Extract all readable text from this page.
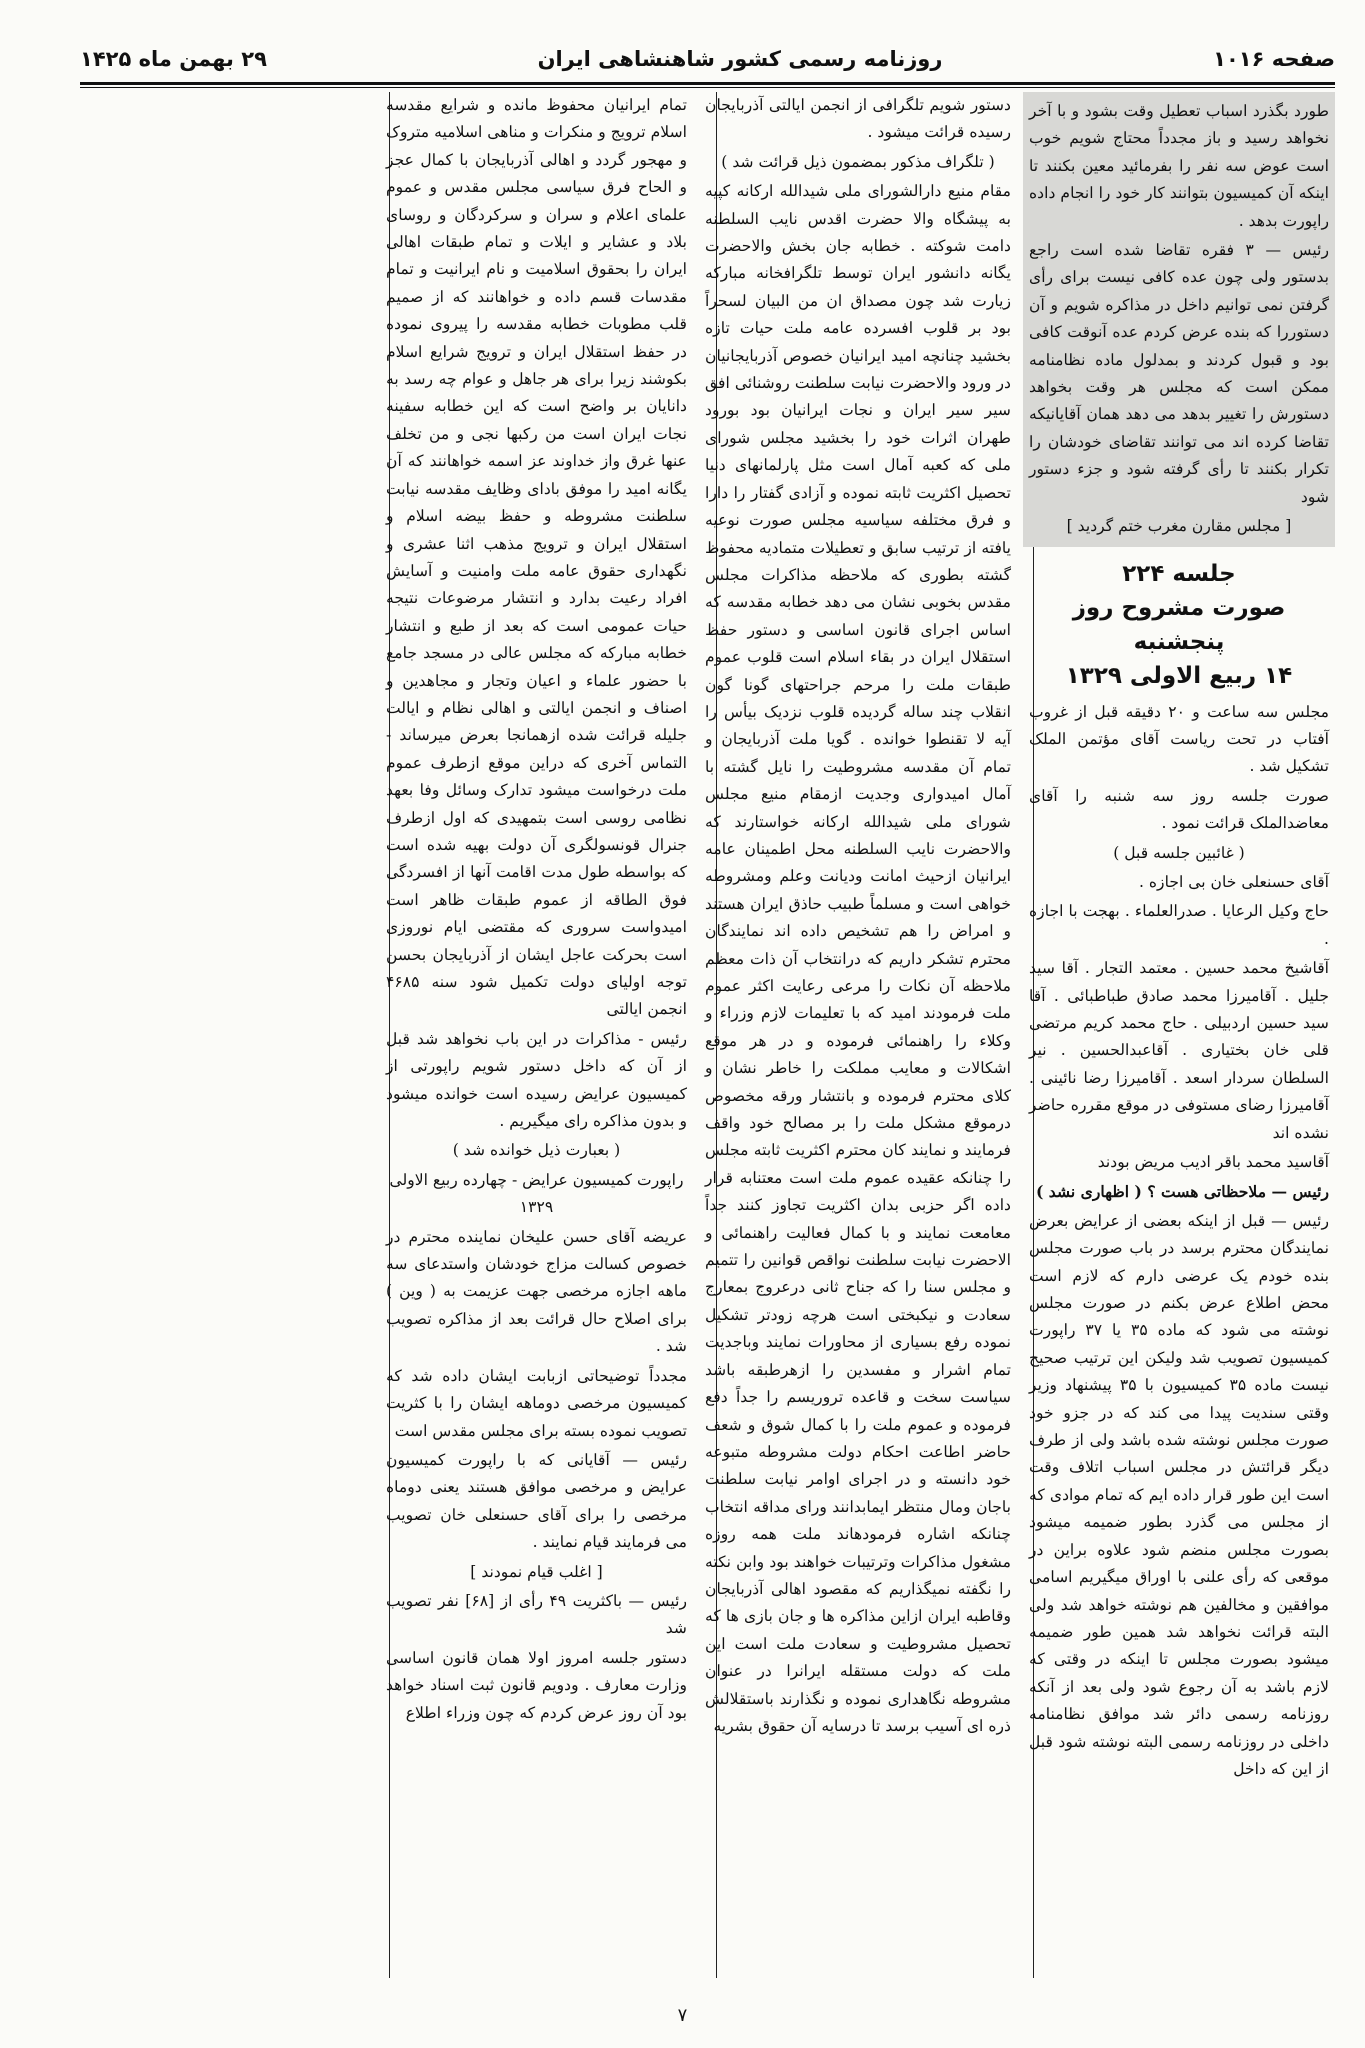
صفحه ۱۰۱۶
روزنامه رسمی کشور شاهنشاهی ایران
۲۹ بهمن ماه ۱۴۲۵

طورد بگذرد اسباب تعطیل وقت بشود و با آخر نخواهد رسید و باز مجدداً محتاج شویم خوب است عوض سه نفر را بفرمائید معین بکنند تا اینکه آن کمیسیون بتوانند کار خود را انجام داده راپورت بدهد .

رئیس — ۳ فقره تقاضا شده است راجع بدستور ولی چون عده کافی نیست برای رأی گرفتن نمی توانیم داخل در مذاکره شویم و آن دستوررا که بنده عرض کردم عده آنوقت کافی بود و قبول کردند و بمدلول ماده نظامنامه ممکن است که مجلس هر وقت بخواهد دستورش را تغییر بدهد می دهد همان آقایانیکه تقاضا کرده اند می توانند تقاضای خودشان را تکرار بکنند تا رأی گرفته شود و جزء دستور شود

[ مجلس مقارن مغرب ختم گردید ]

جلسه ۲۲۴
صورت مشروح روز پنجشنبه
۱۴ ربیع الاولی ۱۳۲۹

مجلس سه ساعت و ۲۰ دقیقه قبل از غروب آفتاب در تحت ریاست آقای مؤتمن الملک تشکیل شد .

صورت جلسه روز سه شنبه را آقای معاضدالملک قرائت نمود .

( غائبین جلسه قبل )

آقای حسنعلی خان بی اجازه .

حاج وکیل الرعایا . صدرالعلماء . بهجت با اجازه .

آقاشیخ محمد حسین . معتمد التجار . آقا سید جلیل . آقامیرزا محمد صادق طباطبائی . آقا سید حسین اردبیلی . حاج محمد کریم مرتضی قلی خان بختیاری . آقاعبدالحسین . نیر السلطان سردار اسعد . آقامیرزا رضا نائینی . آقامیرزا رضای مستوفی در موقع مقرره حاضر نشده اند

آقاسید محمد باقر ادیب مریض بودند

رئیس — ملاحظاتی هست ؟ ( اظهاری نشد )

رئیس — قبل از اینکه بعضی از عرایض بعرض نمایندگان محترم برسد در باب صورت مجلس بنده خودم یک عرضی دارم که لازم است محض اطلاع عرض بکنم در صورت مجلس نوشته می شود که ماده ۳۵ یا ۳۷ راپورت کمیسیون تصویب شد ولیکن این ترتیب صحیح نیست ماده ۳۵ کمیسیون با ۳۵ پیشنهاد وزیر وقتی سندیت پیدا می کند که در جزو خود صورت مجلس نوشته شده باشد ولی از طرف دیگر قرائتش در مجلس اسباب اتلاف وقت است این طور قرار داده ایم که تمام موادی که از مجلس می گذرد بطور ضمیمه میشود بصورت مجلس منضم شود علاوه براین در موقعی که رأی علنی با اوراق میگیریم اسامی موافقین و مخالفین هم نوشته خواهد شد ولی البته قرائت نخواهد شد همین طور ضمیمه میشود بصورت مجلس تا اینکه در وقتی که لازم باشد به آن رجوع شود ولی بعد از آنکه روزنامه رسمی دائر شد موافق نظامنامه داخلی در روزنامه رسمی البته نوشته شود قبل از این که داخل

دستور شویم تلگرافی از انجمن ایالتی آذربایجان رسیده قرائت میشود .

( تلگراف مذکور بمضمون ذیل قرائت شد )

مقام منیع دارالشورای ملی شیدالله ارکانه کپیه به پیشگاه والا حضرت اقدس نایب السلطنه دامت شوکته . خطابه جان بخش والاحضرت یگانه دانشور ایران توسط تلگرافخانه مبارکه زیارت شد چون مصداق ان من البیان لسحراً بود بر قلوب افسرده عامه ملت حیات تازه بخشید چنانچه امید ایرانیان خصوص آذربایجانیان در ورود والاحضرت نیابت سلطنت روشنائی افق سیر سیر ایران و نجات ایرانیان بود بورود طهران اثرات خود را بخشید مجلس شورای ملی که کعبه آمال است مثل پارلمانهای دنیا تحصیل اکثریت ثابته نموده و آزادی گفتار را دارا و فرق مختلفه سیاسیه مجلس صورت نوعیه یافته از ترتیب سابق و تعطیلات متمادیه محفوظ گشته بطوری که ملاحظه مذاکرات مجلس مقدس بخوبی نشان می دهد خطابه مقدسه که اساس اجرای قانون اساسی و دستور حفظ استقلال ایران در بقاء اسلام است قلوب عموم طبقات ملت را مرحم جراحتهای گونا گون انقلاب چند ساله گردیده قلوب نزدیک بیأس را آیه لا تقنطوا خوانده . گویا ملت آذربایجان و تمام آن مقدسه مشروطیت را نایل گشته با آمال امیدواری وجدیت ازمقام منیع مجلس شورای ملی شیدالله ارکانه خواستارند که والاحضرت نایب السلطنه محل اطمینان عامه ایرانیان ازحیث امانت ودیانت وعلم ومشروطه خواهی است و مسلماً طبیب حاذق ایران هستند و امراض را هم تشخیص داده اند نمایندگان محترم تشکر داریم که درانتخاب آن ذات معظم ملاحظه آن نکات را مرعی رعایت اکثر عموم ملت فرمودند امید که با تعلیمات لازم وزراء و وکلاء را راهنمائی فرموده و در هر موقع اشکالات و معایب مملکت را خاطر نشان و کلای محترم فرموده و بانتشار ورقه مخصوص درموقع مشکل ملت را بر مصالح خود واقف فرمایند و نمایند کان محترم اکثریت ثابته مجلس را چنانکه عقیده عموم ملت است معتنابه قرار داده اگر حزبی بدان اکثریت تجاوز کنند جداً معامعت نمایند و با کمال فعالیت راهنمائی و الاحضرت نیابت سلطنت نواقص قوانین را تتمیم و مجلس سنا را که جناح ثانی درعروج بمعارج سعادت و نیکبختی است هرچه زودتر تشکیل نموده رفع بسیاری از محاورات نمایند وباجدیت تمام اشرار و مفسدین را ازهرطبقه باشد سیاست سخت و قاعده تروریسم را جداً دفع فرموده و عموم ملت را با کمال شوق و شعف حاضر اطاعت احکام دولت مشروطه متبوعه خود دانسته و در اجرای اوامر نیابت سلطنت باجان ومال منتظر ایمابدانند ورای مداقه انتخاب چنانکه اشاره فرمودهاند ملت همه روزه مشغول مذاکرات وترتیبات خواهند بود وابن نکته را نگفته نمیگذاریم که مقصود اهالی آذربایجان وقاطبه ایران ازاین مذاکره ها و جان بازی ها که تحصیل مشروطیت و سعادت ملت است این ملت که دولت مستقله ایرانرا در عنوان مشروطه نگاهداری نموده و نگذارند باستقلالش ذره ای آسیب برسد تا درسایه آن حقوق بشریه

تمام ایرانیان محفوظ مانده و شرایع مقدسه اسلام ترویج و منکرات و مناهی اسلامیه متروک و مهجور گردد و اهالی آذربایجان با کمال عجز و الحاح فرق سیاسی مجلس مقدس و عموم علمای اعلام و سران و سرکردگان و روسای بلاد و عشایر و ایلات و تمام طبقات اهالی ایران را بحقوق اسلامیت و نام ایرانیت و تمام مقدسات قسم داده و خواهانند که از صمیم قلب مطوبات خطابه مقدسه را پیروی نموده در حفظ استقلال ایران و ترویج شرایع اسلام بکوشند زیرا برای هر جاهل و عوام چه رسد به دانایان بر واضح است که این خطابه سفینه نجات ایران است من رکبها نجی و من تخلف عنها غرق واز خداوند عز اسمه خواهانند که آن یگانه امید را موفق بادای وظایف مقدسه نیابت سلطنت مشروطه و حفظ بیضه اسلام و استقلال ایران و ترویج مذهب اثنا عشری و نگهداری حقوق عامه ملت وامنیت و آسایش افراد رعیت بدارد و انتشار مرضوعات نتیجه حیات عمومی است که بعد از طبع و انتشار خطابه مبارکه که مجلس عالی در مسجد جامع با حضور علماء و اعیان وتجار و مجاهدین و اصناف و انجمن ایالتی و اهالی نظام و ایالت جلیله قرائت شده ازهمانجا بعرض میرساند - التماس آخری که دراین موقع ازطرف عموم ملت درخواست میشود تدارک وسائل وفا بعهد نظامی روسی است بتمهیدی که اول ازطرف جنرال قونسولگری آن دولت بهیه شده است که بواسطه طول مدت اقامت آنها از افسردگی فوق الطاقه از عموم طبقات ظاهر است امیدواست سروری که مقتضی ایام نوروزی است بحرکت عاجل ایشان از آذربایجان بحسن توجه اولیای دولت تکمیل شود سنه ۴۶۸۵ انجمن ایالتی

رئیس - مذاکرات در این باب نخواهد شد قبل از آن که داخل دستور شویم راپورتی از کمیسیون عرایض رسیده است خوانده میشود و بدون مذاکره رای میگیریم .

( بعبارت ذیل خوانده شد )

راپورت کمیسیون عرایض - چهارده ربیع الاولی ۱۳۲۹

عریضه آقای حسن علیخان نماینده محترم در خصوص کسالت مزاج خودشان واستدعای سه ماهه اجازه مرخصی جهت عزیمت به ( وین ) برای اصلاح حال قرائت بعد از مذاکره تصویب شد .

مجدداً توضیحاتی ازبابت ایشان داده شد که کمیسیون مرخصی دوماهه ایشان را با کثریت تصویب نموده بسته برای مجلس مقدس است

رئیس — آقایانی که با راپورت کمیسیون عرایض و مرخصی موافق هستند یعنی دوماه مرخصی را برای آقای حسنعلی خان تصویب می فرمایند قیام نمایند .

[ اغلب قیام نمودند ]

رئیس — باکثریت ۴۹ رأی از [۶۸] نفر تصویب شد

دستور جلسه امروز اولا همان قانون اساسی وزارت معارف . ودویم قانون ثبت اسناد خواهد بود آن روز عرض کردم که چون وزراء اطلاع

۷
